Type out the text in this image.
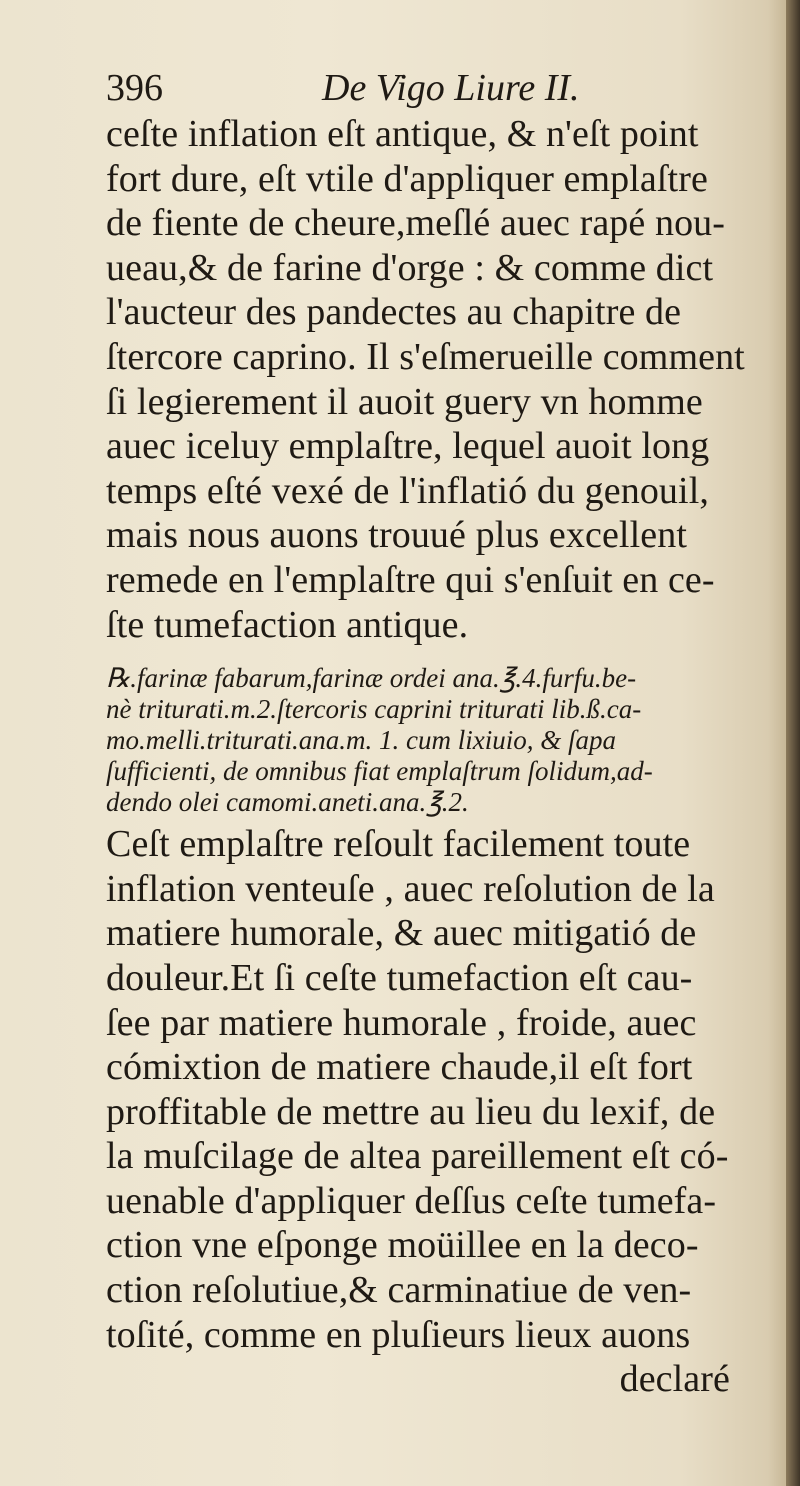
396	De Vigo Liure II.
ceſte inflation eſt antique, & n'eſt point
fort dure, eſt vtile d'appliquer emplaſtre
de fiente de cheure,meſlé auec rapé nou-
ueau,& de farine d'orge : & comme dict
l'aucteur des pandectes au chapitre de
ſtercore caprino. Il s'eſmerueille comment
ſi legierement il auoit guery vn homme
auec iceluy emplaſtre, lequel auoit long
temps eſté vexé de l'inflatió du genouil,
mais nous auons trouué plus excellent
remede en l'emplaſtre qui s'enſuit en ce-
ſte tumefaction antique.
℞.farinæ fabarum,farinæ ordei ana.℥.4.furfu.be-
nè triturati.m.2.ſtercoris caprini triturati lib.ß.ca-
mo.melli.triturati.ana.m. 1. cum lixiuio, & ſapa
ſufficienti, de omnibus fiat emplaſtrum ſolidum,ad-
dendo olei camomi.aneti.ana.℥.2.
Ceſt emplaſtre reſoult facilement toute
inflation venteuſe , auec reſolution de la
matiere humorale, & auec mitigatió de
douleur.Et ſi ceſte tumefaction eſt cau-
ſee par matiere humorale , froide, auec
cómixtion de matiere chaude,il eſt fort
proffitable de mettre au lieu du lexif, de
la muſcilage de altea pareillement eſt có-
uenable d'appliquer deſſus ceſte tumefa-
ction vne eſponge moüillee en la deco-
ction reſolutiue,& carminatiue de ven-
toſité, comme en pluſieurs lieux auons
declaré
